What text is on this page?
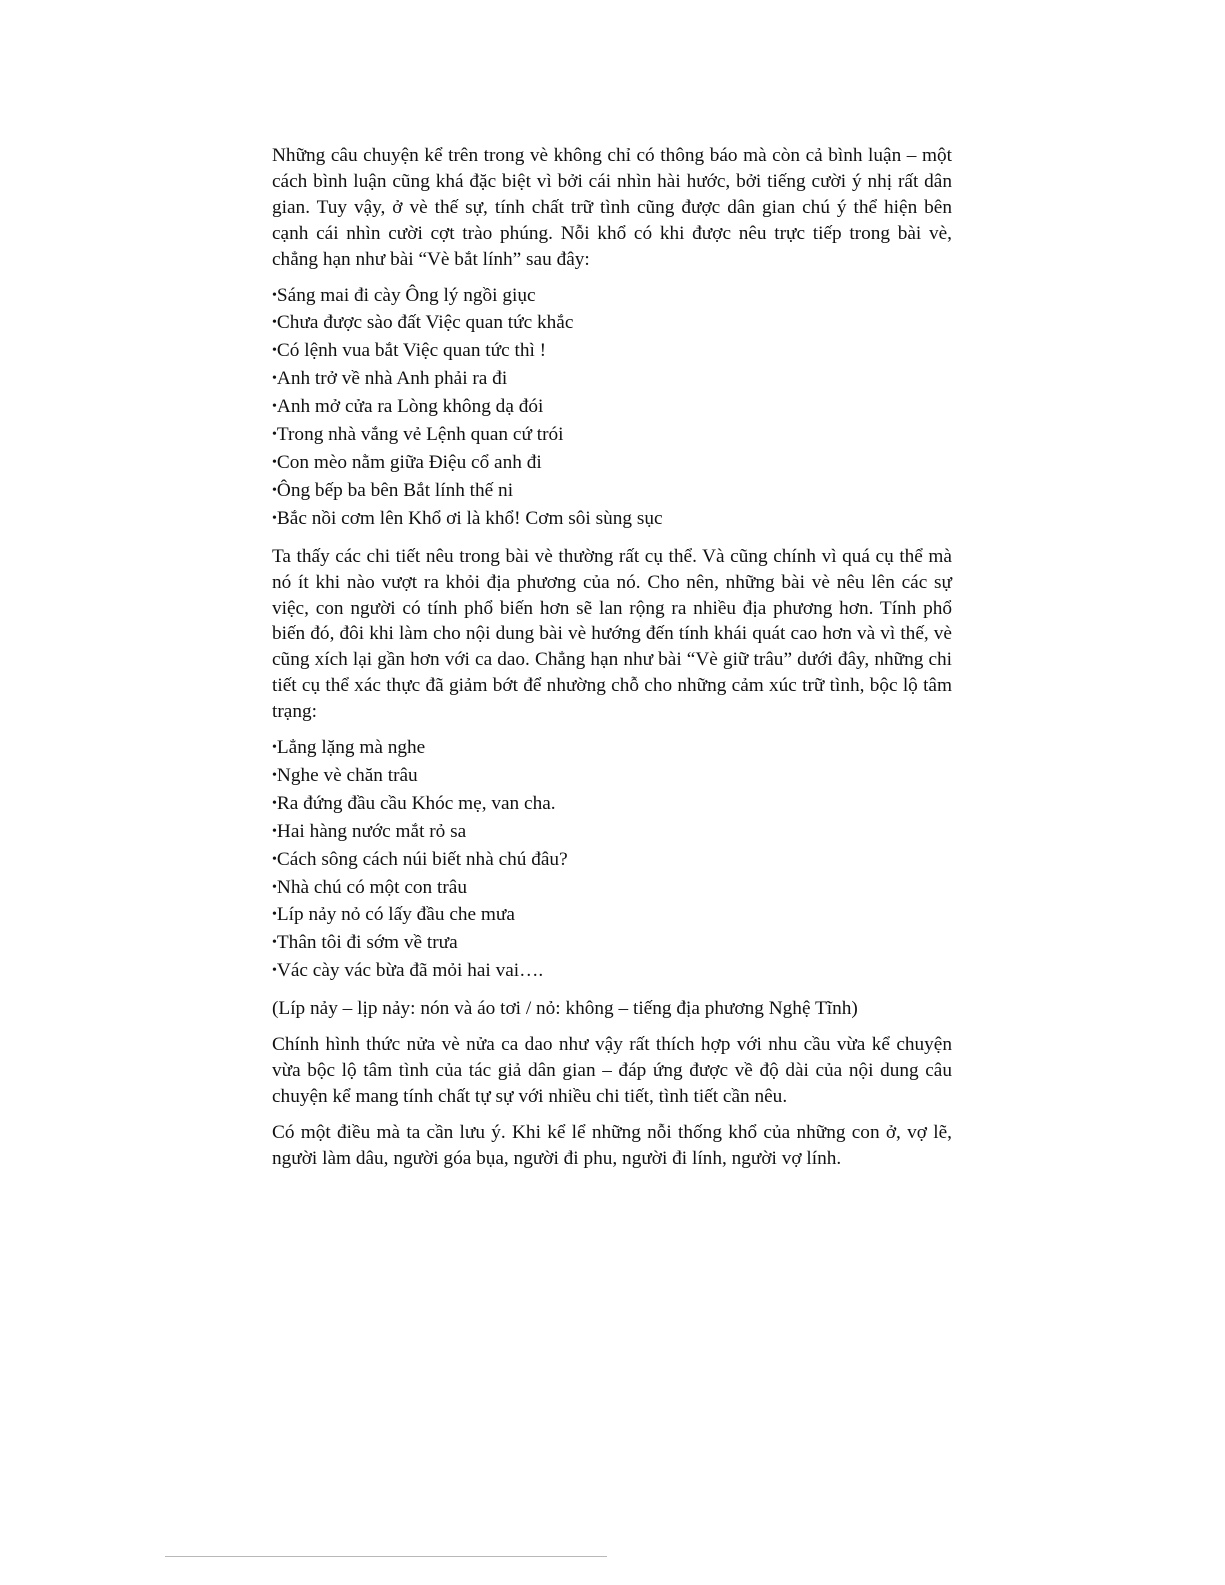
Những câu chuyện kể trên trong vè không chỉ có thông báo mà còn cả bình luận – một cách bình luận cũng khá đặc biệt vì bởi cái nhìn hài hước, bởi tiếng cười ý nhị rất dân gian. Tuy vậy, ở vè thế sự, tính chất trữ tình cũng được dân gian chú ý thể hiện bên cạnh cái nhìn cười cợt trào phúng. Nỗi khổ có khi được nêu trực tiếp trong bài vè, chẳng hạn như bài “Vè bắt lính” sau đây:

•Sáng mai đi cày Ông lý ngồi giục
•Chưa được sào đất Việc quan tức khắc
•Có lệnh vua bắt Việc quan tức thì !
•Anh trở về nhà Anh phải ra đi
•Anh mở cửa ra Lòng không dạ đói
•Trong nhà vắng vẻ Lệnh quan cứ trói
•Con mèo nằm giữa Điệu cổ anh đi
•Ông bếp ba bên Bắt lính thế ni
•Bắc nồi cơm lên Khổ ơi là khổ! Cơm sôi sùng sục

Ta thấy các chi tiết nêu trong bài vè thường rất cụ thể. Và cũng chính vì quá cụ thể mà nó ít khi nào vượt ra khỏi địa phương của nó. Cho nên, những bài vè nêu lên các sự việc, con người có tính phổ biến hơn sẽ lan rộng ra nhiều địa phương hơn. Tính phổ biến đó, đôi khi làm cho nội dung bài vè hướng đến tính khái quát cao hơn và vì thế, vè cũng xích lại gần hơn với ca dao. Chẳng hạn như bài “Vè giữ trâu” dưới đây, những chi tiết cụ thể xác thực đã giảm bớt để nhường chỗ cho những cảm xúc trữ tình, bộc lộ tâm trạng:

•Lẳng lặng mà nghe
•Nghe vè chăn trâu
•Ra đứng đầu cầu Khóc mẹ, van cha.
•Hai hàng nước mắt rỏ sa
•Cách sông cách núi biết nhà chú đâu?
•Nhà chú có một con trâu
•Líp nảy nỏ có lấy đầu che mưa
•Thân tôi đi sớm về trưa
•Vác cày vác bừa đã mỏi hai vai….

(Líp nảy – lịp nảy: nón và áo tơi / nỏ: không – tiếng địa phương Nghệ Tĩnh)

Chính hình thức nửa vè nửa ca dao như vậy rất thích hợp với nhu cầu vừa kể chuyện vừa bộc lộ tâm tình của tác giả dân gian – đáp ứng được về độ dài của nội dung câu chuyện kể mang tính chất tự sự với nhiều chi tiết, tình tiết cần nêu.

Có một điều mà ta cần lưu ý. Khi kể lể những nỗi thống khổ của những con ở, vợ lẽ, người làm dâu, người góa bụa, người đi phu, người đi lính, người vợ lính.
